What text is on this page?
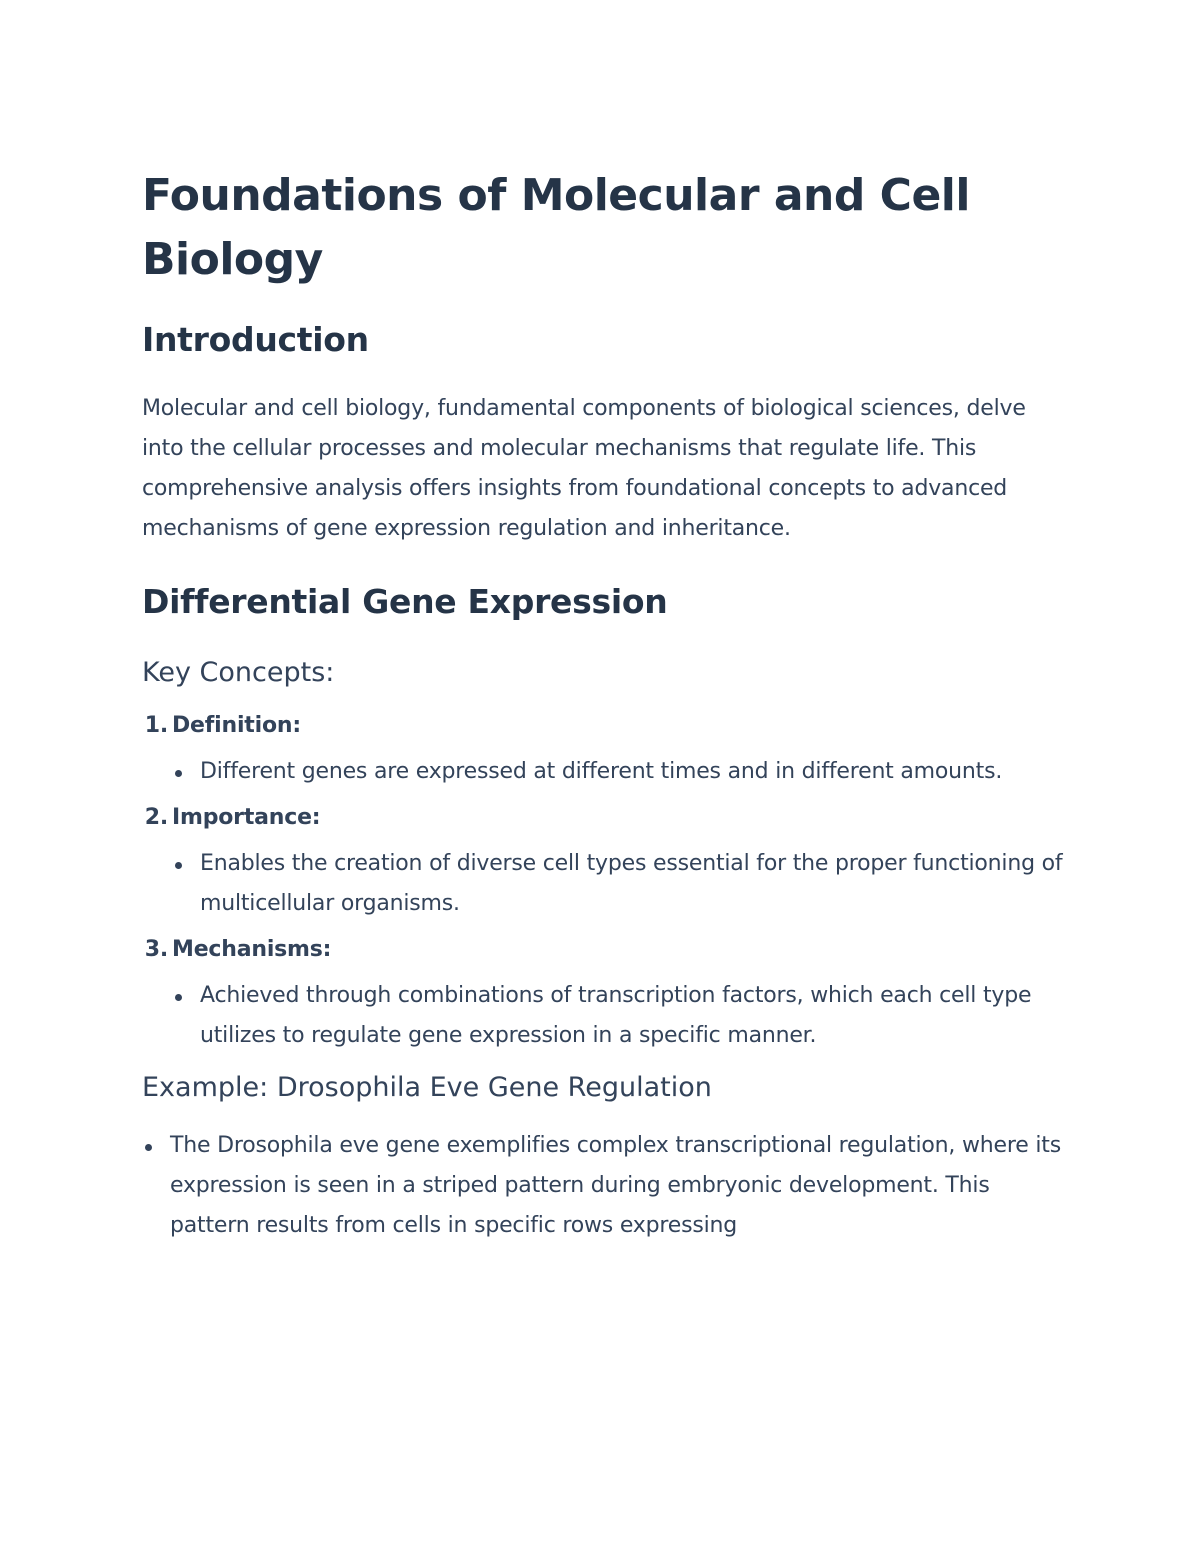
Foundations of Molecular and Cell Biology
Introduction

Molecular and cell biology, fundamental components of biological sciences, delve into the cellular processes and molecular mechanisms that regulate life. This comprehensive analysis offers insights from foundational concepts to advanced mechanisms of gene expression regulation and inheritance.

Differential Gene Expression
Key Concepts:
1. Definition:
Different genes are expressed at different times and in different amounts.
2. Importance:
Enables the creation of diverse cell types essential for the proper functioning of multicellular organisms.
3. Mechanisms:
Achieved through combinations of transcription factors, which each cell type utilizes to regulate gene expression in a specific manner.
Example: Drosophila Eve Gene Regulation
The Drosophila eve gene exemplifies complex transcriptional regulation, where its expression is seen in a striped pattern during embryonic development. This pattern results from cells in specific rows expressing
